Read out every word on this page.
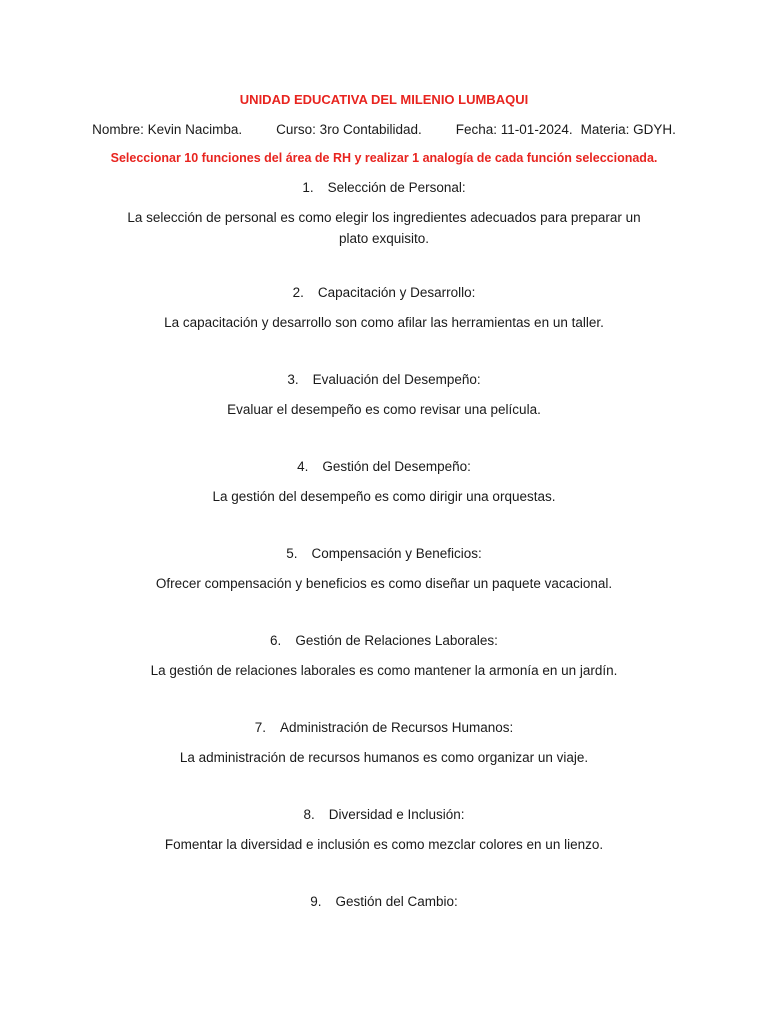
UNIDAD EDUCATIVA DEL MILENIO LUMBAQUI
Nombre: Kevin Nacimba.	Curso: 3ro Contabilidad.	Fecha: 11-01-2024. Materia: GDYH.
Seleccionar 10 funciones del área de RH y realizar 1 analogía de cada función seleccionada.
1. Selección de Personal:
La selección de personal es como elegir los ingredientes adecuados para preparar un plato exquisito.
2. Capacitación y Desarrollo:
La capacitación y desarrollo son como afilar las herramientas en un taller.
3. Evaluación del Desempeño:
Evaluar el desempeño es como revisar una película.
4. Gestión del Desempeño:
La gestión del desempeño es como dirigir una orquestas.
5. Compensación y Beneficios:
Ofrecer compensación y beneficios es como diseñar un paquete vacacional.
6. Gestión de Relaciones Laborales:
La gestión de relaciones laborales es como mantener la armonía en un jardín.
7. Administración de Recursos Humanos:
La administración de recursos humanos es como organizar un viaje.
8. Diversidad e Inclusión:
Fomentar la diversidad e inclusión es como mezclar colores en un lienzo.
9. Gestión del Cambio:
